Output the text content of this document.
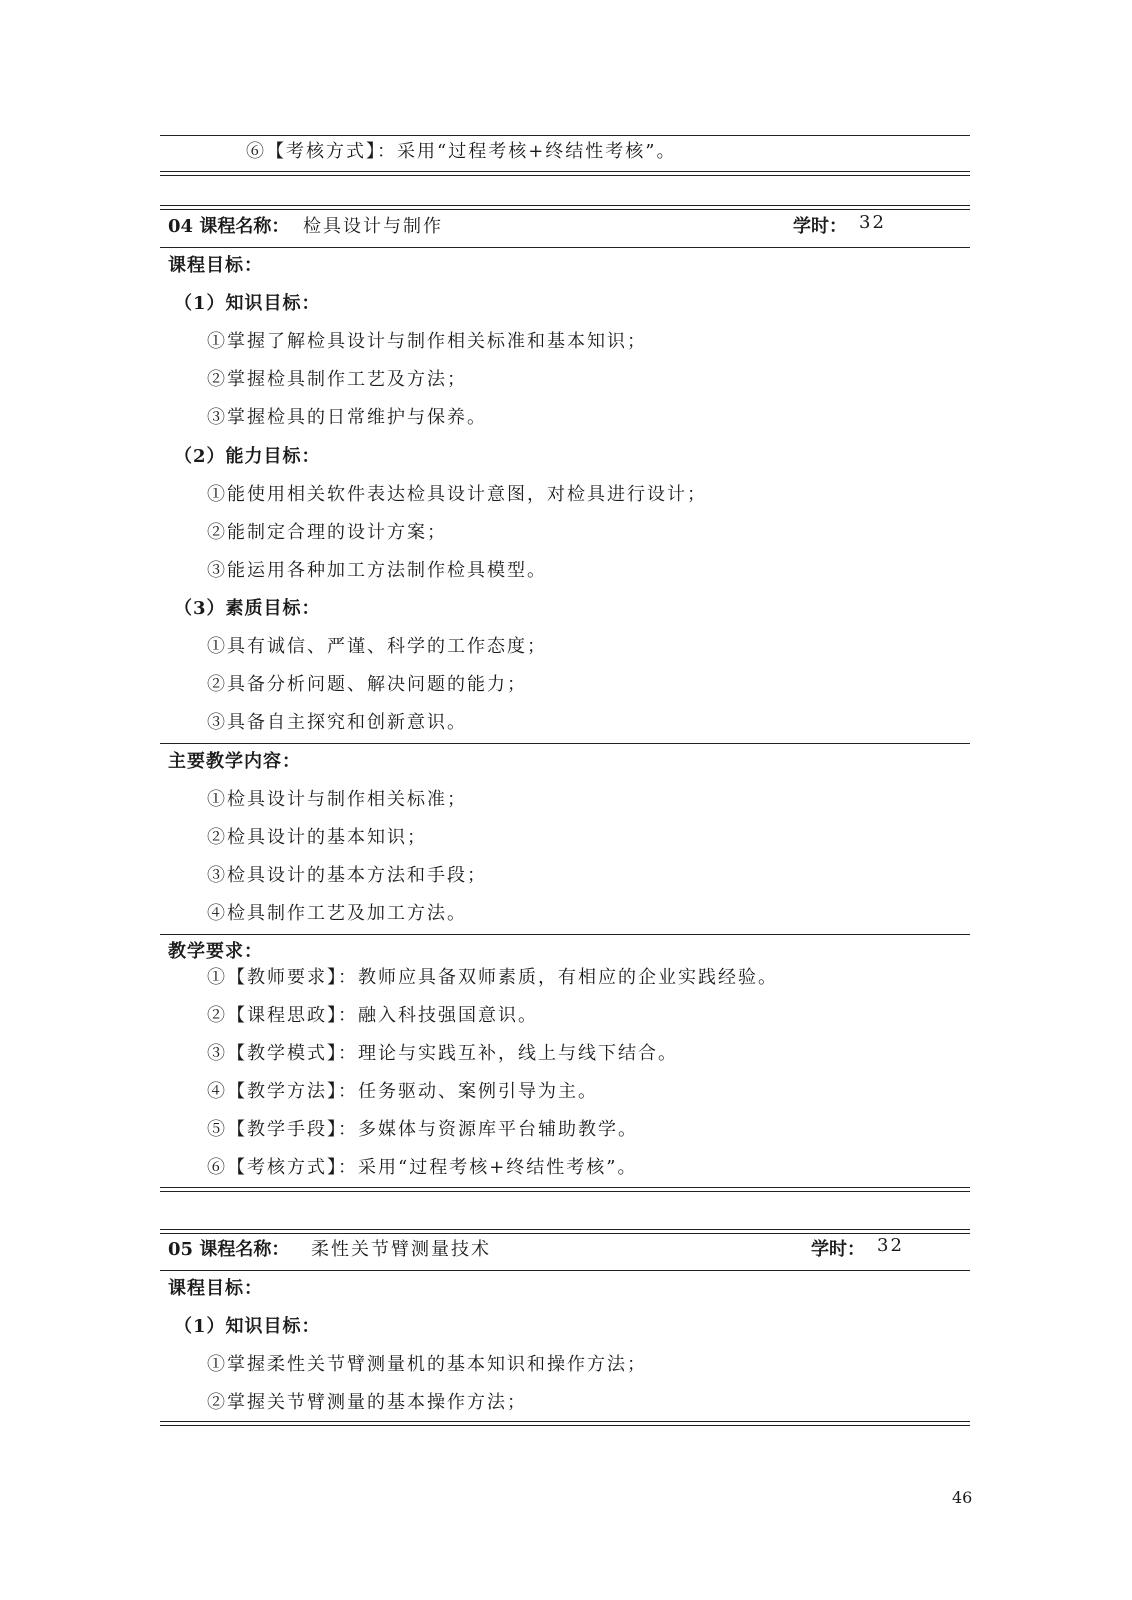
⑥【考核方式】：采用“过程考核+终结性考核”。
04 课程名称： 检具设计与制作	学时： 32
课程目标：
（1）知识目标：
①掌握了解检具设计与制作相关标准和基本知识；
②掌握检具制作工艺及方法；
③掌握检具的日常维护与保养。
（2）能力目标：
①能使用相关软件表达检具设计意图，对检具进行设计；
②能制定合理的设计方案；
③能运用各种加工方法制作检具模型。
（3）素质目标：
①具有诚信、严谨、科学的工作态度；
②具备分析问题、解决问题的能力；
③具备自主探究和创新意识。
主要教学内容：
①检具设计与制作相关标准；
②检具设计的基本知识；
③检具设计的基本方法和手段；
④检具制作工艺及加工方法。
教学要求：
①【教师要求】：教师应具备双师素质，有相应的企业实践经验。
②【课程思政】：融入科技强国意识。
③【教学模式】：理论与实践互补，线上与线下结合。
④【教学方法】：任务驱动、案例引导为主。
⑤【教学手段】：多媒体与资源库平台辅助教学。
⑥【考核方式】：采用“过程考核+终结性考核”。
05 课程名称： 柔性关节臂测量技术	学时： 32
课程目标：
（1）知识目标：
①掌握柔性关节臂测量机的基本知识和操作方法；
②掌握关节臂测量的基本操作方法；
46
